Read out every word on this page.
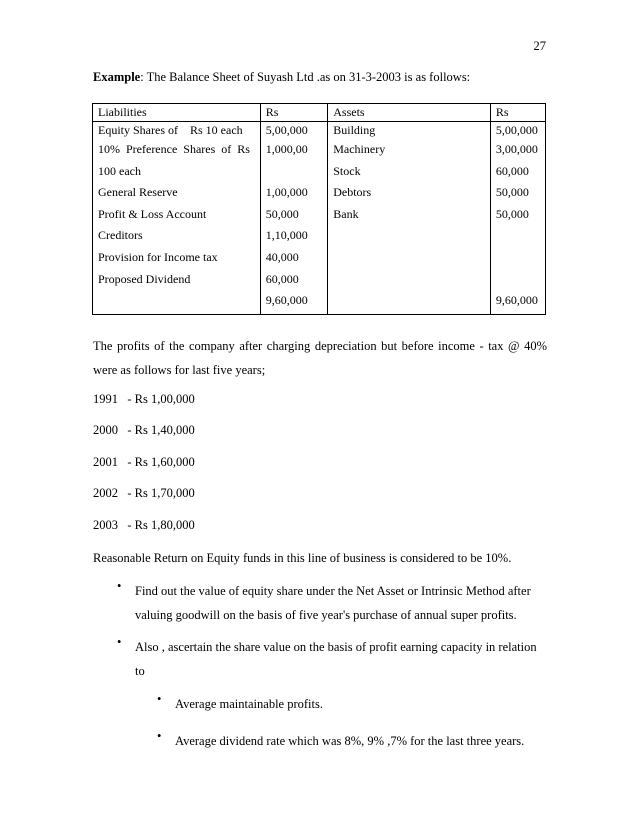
27
Example: The Balance Sheet of Suyash Ltd .as on 31-3-2003 is as follows:
Liabilities	Rs	Assets	Rs
Equity Shares of    Rs 10 each	5,00,000	Building	5,00,000
10%  Preference  Shares  of  Rs	1,000,00	Machinery	3,00,000
100 each		Stock	60,000
General Reserve	1,00,000	Debtors	50,000
Profit & Loss Account	50,000	Bank	50,000
Creditors	1,10,000		
Provision for Income tax	40,000		
Proposed Dividend	60,000		
	9,60,000		9,60,000
The profits of the company after charging depreciation but before income - tax @ 40%
were as follows for last five years;
1991   - Rs 1,00,000
2000   - Rs 1,40,000
2001   - Rs 1,60,000
2002   - Rs 1,70,000
2003   - Rs 1,80,000
Reasonable Return on Equity funds in this line of business is considered to be 10%.
•	Find out the value of equity share under the Net Asset or Intrinsic Method after
valuing goodwill on the basis of five year's purchase of annual super profits.
•	Also , ascertain the share value on the basis of profit earning capacity in relation
to
•	Average maintainable profits.
•	Average dividend rate which was 8%, 9% ,7% for the last three years.
